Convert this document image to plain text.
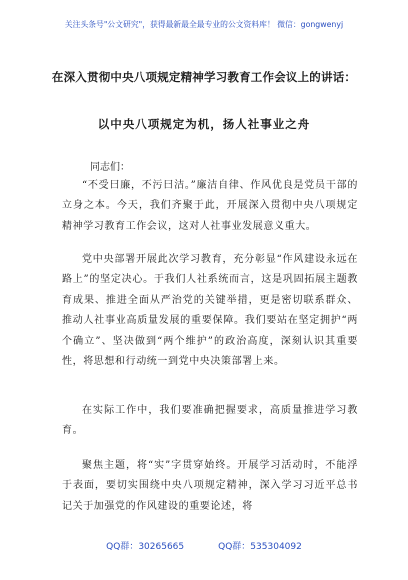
关注头条号"公文研究"，获得最新最全最专业的公文资料库！ 微信：gongwenyj
在深入贯彻中央八项规定精神学习教育工作会议上的讲话：
以中央八项规定为机，扬人社事业之舟
同志们：

“不受曰廉，不污曰洁。”廉洁自律、作风优良是党员干部的立身之本。今天，我们齐聚于此，开展深入贯彻中央八项规定精神学习教育工作会议，这对人社事业发展意义重大。

党中央部署开展此次学习教育，充分彰显“作风建设永远在路上”的坚定决心。于我们人社系统而言，这是巩固拓展主题教育成果、推进全面从严治党的关键举措，更是密切联系群众、推动人社事业高质量发展的重要保障。我们要站在坚定拥护“两个确立”、坚决做到“两个维护”的政治高度，深刻认识其重要性，将思想和行动统一到党中央决策部署上来。

在实际工作中，我们要准确把握要求，高质量推进学习教育。

聚焦主题，将“实”字贯穿始终。开展学习活动时，不能浮于表面，要切实围绕中央八项规定精神，深入学习习近平总书记关于加强党的作风建设的重要论述，将

QQ群：30265665	QQ群：535304092
